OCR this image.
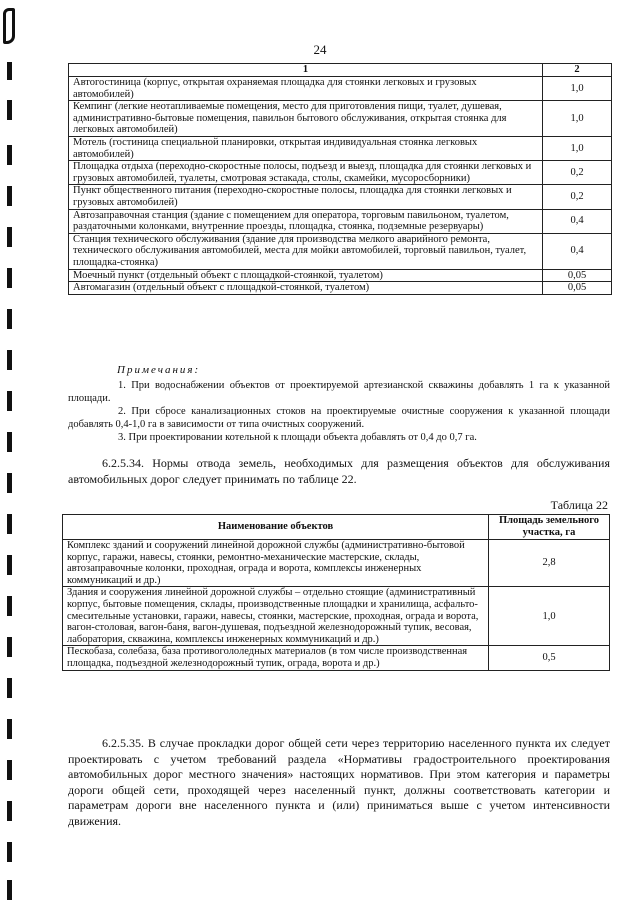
24
1	2
Автогостиница (корпус, открытая охраняемая площадка для стоянки легковых и грузовых автомобилей)	1,0
Кемпинг (легкие неотапливаемые помещения, место для приготовления пищи, туалет, душевая, административно-бытовые помещения, павильон бытового обслуживания, открытая стоянка для легковых автомобилей)	1,0
Мотель (гостиница специальной планировки, открытая индивидуальная стоянка легковых автомобилей)	1,0
Площадка отдыха (переходно-скоростные полосы, подъезд и выезд, площадка для стоянки легковых и грузовых автомобилей, туалеты, смотровая эстакада, столы, скамейки, мусоросборники)	0,2
Пункт общественного питания (переходно-скоростные полосы, площадка для стоянки легковых и грузовых автомобилей)	0,2
Автозаправочная станция (здание с помещением для оператора, торговым павильоном, туалетом, раздаточными колонками, внутренние проезды, площадка, стоянка, подземные резервуары)	0,4
Станция технического обслуживания (здание для производства мелкого аварийного ремонта, технического обслуживания автомобилей, места для мойки автомобилей, торговый павильон, туалет, площадка-стоянка)	0,4
Моечный пункт (отдельный объект с площадкой-стоянкой, туалетом)	0,05
Автомагазин (отдельный объект с площадкой-стоянкой, туалетом)	0,05
Примечания:
1. При водоснабжении объектов от проектируемой артезианской скважины добавлять 1 га к указанной площади.
2. При сбросе канализационных стоков на проектируемые очистные сооружения к указанной площади добавлять 0,4-1,0 га в зависимости от типа очистных сооружений.
3. При проектировании котельной к площади объекта добавлять от 0,4 до 0,7 га.
6.2.5.34. Нормы отвода земель, необходимых для размещения объектов для обслуживания автомобильных дорог следует принимать по таблице 22.
Таблица 22
Наименование объектов	Площадь земельного участка, га
Комплекс зданий и сооружений линейной дорожной службы (административно-бытовой корпус, гаражи, навесы, стоянки, ремонтно-механические мастерские, склады, автозаправочные колонки, проходная, ограда и ворота, комплексы инженерных коммуникаций и др.)	2,8
Здания и сооружения линейной дорожной службы – отдельно стоящие (административный корпус, бытовые помещения, склады, производственные площадки и хранилища, асфальто-смесительные установки, гаражи, навесы, стоянки, мастерские, проходная, ограда и ворота, вагон-столовая, вагон-баня, вагон-душевая, подъездной железнодорожный тупик, весовая, лаборатория, скважина, комплексы инженерных коммуникаций и др.)	1,0
Пескобаза, солебаза, база противогололедных материалов (в том числе производственная площадка, подъездной железнодорожный тупик, ограда, ворота и др.)	0,5
6.2.5.35. В случае прокладки дорог общей сети через территорию населенного пункта их следует проектировать с учетом требований раздела «Нормативы градостроительного проектирования автомобильных дорог местного значения» настоящих нормативов. При этом категория и параметры дороги общей сети, проходящей через населенный пункт, должны соответствовать категории и параметрам дороги вне населенного пункта и (или) приниматься выше с учетом интенсивности движения.
